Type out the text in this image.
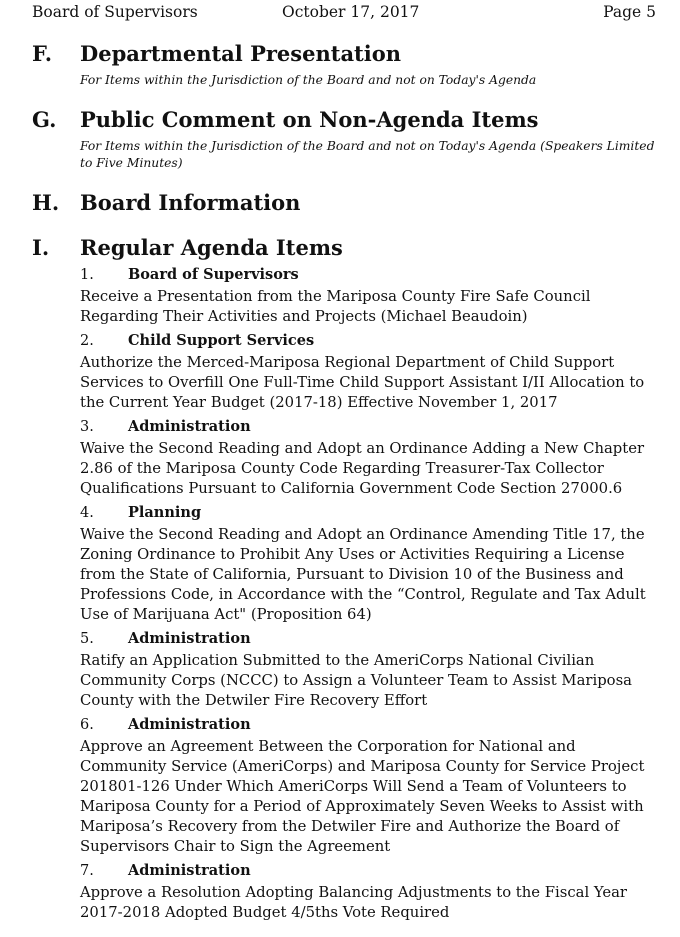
Board of Supervisors	October 17, 2017	Page 5
F. Departmental Presentation
For Items within the Jurisdiction of the Board and not on Today's Agenda
G. Public Comment on Non-Agenda Items
For Items within the Jurisdiction of the Board and not on Today's Agenda (Speakers Limited to Five Minutes)
H. Board Information
I. Regular Agenda Items
1.	Board of Supervisors
Receive a Presentation from the Mariposa County Fire Safe Council Regarding Their Activities and Projects (Michael Beaudoin)
2.	Child Support Services
Authorize the Merced-Mariposa Regional Department of Child Support Services to Overfill One Full-Time Child Support Assistant I/II Allocation to the Current Year Budget (2017-18) Effective November 1, 2017
3.	Administration
Waive the Second Reading and Adopt an Ordinance Adding a New Chapter 2.86 of the Mariposa County Code Regarding Treasurer-Tax Collector Qualifications Pursuant to California Government Code Section 27000.6
4.	Planning
Waive the Second Reading and Adopt an Ordinance Amending Title 17, the Zoning Ordinance to Prohibit Any Uses or Activities Requiring a License from the State of California, Pursuant to Division 10 of the Business and Professions Code, in Accordance with the “Control, Regulate and Tax Adult Use of Marijuana Act" (Proposition 64)
5.	Administration
Ratify an Application Submitted to the AmeriCorps National Civilian Community Corps (NCCC) to Assign a Volunteer Team to Assist Mariposa County with the Detwiler Fire Recovery Effort
6.	Administration
Approve an Agreement Between the Corporation for National and Community Service (AmeriCorps) and Mariposa County for Service Project 201801-126 Under Which AmeriCorps Will Send a Team of Volunteers to Mariposa County for a Period of Approximately Seven Weeks to Assist with Mariposa’s Recovery from the Detwiler Fire and Authorize the Board of Supervisors Chair to Sign the Agreement
7.	Administration
Approve a Resolution Adopting Balancing Adjustments to the Fiscal Year 2017-2018 Adopted Budget 4/5ths Vote Required
